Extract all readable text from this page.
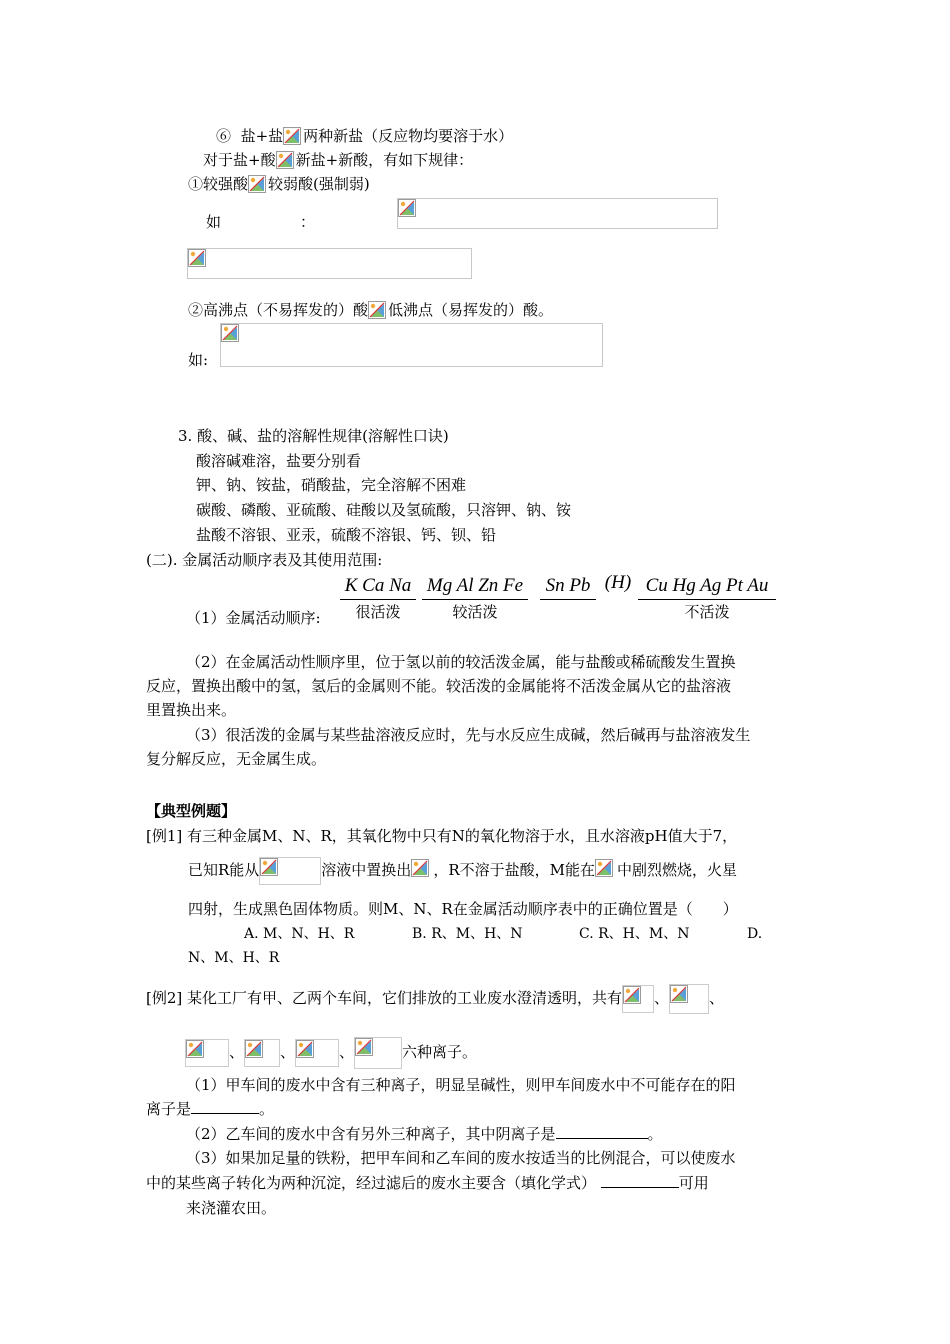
⑥ 盐+盐 两种新盐（反应物均要溶于水）
对于盐+酸 新盐+新酸，有如下规律：
①较强酸 较弱酸(强制弱)
如	：
②高沸点（不易挥发的）酸 低沸点（易挥发的）酸。
如:
3. 酸、碱、盐的溶解性规律(溶解性口诀)
酸溶碱难溶，盐要分别看
钾、钠、铵盐，硝酸盐，完全溶解不困难
碳酸、磷酸、亚硫酸、硅酸以及氢硫酸，只溶钾、钠、铵
盐酸不溶银、亚汞，硫酸不溶银、钙、钡、铅
(二). 金属活动顺序表及其使用范围:
（1）金属活动顺序:
K Ca Na
很活泼
Mg Al Zn Fe
较活泼
Sn Pb (H) Cu Hg Ag Pt Au
不活泼
（2）在金属活动性顺序里，位于氢以前的较活泼金属，能与盐酸或稀硫酸发生置换
反应，置换出酸中的氢，氢后的金属则不能。较活泼的金属能将不活泼金属从它的盐溶液
里置换出来。
（3）很活泼的金属与某些盐溶液反应时，先与水反应生成碱，然后碱再与盐溶液发生
复分解反应，无金属生成。
【典型例题】
[例1] 有三种金属M、N、R，其氧化物中只有N的氧化物溶于水，且水溶液pH值大于7，
已知R能从	溶液中置换出 ，R不溶于盐酸，M能在 中剧烈燃烧，火星
四射，生成黑色固体物质。则M、N、R在金属活动顺序表中的正确位置是（　　）
A. M、N、H、R	B. R、M、H、N	C. R、H、M、N	D.
N、M、H、R
[例2] 某化工厂有甲、乙两个车间，它们排放的工业废水澄清透明，共有 、	、
、 、	、	六种离子。
（1）甲车间的废水中含有三种离子，明显呈碱性，则甲车间废水中不可能存在的阳
离子是	。
（2）乙车间的废水中含有另外三种离子，其中阴离子是	。
（3）如果加足量的铁粉，把甲车间和乙车间的废水按适当的比例混合，可以使废水
中的某些离子转化为两种沉淀，经过滤后的废水主要含（填化学式）	可用
来浇灌农田。
